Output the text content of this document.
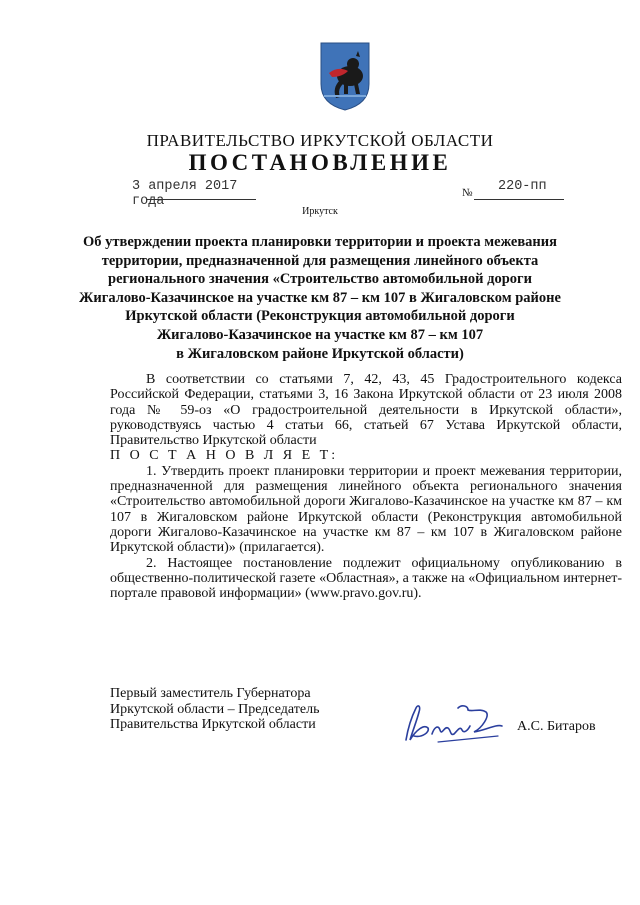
ПРАВИТЕЛЬСТВО ИРКУТСКОЙ ОБЛАСТИ
ПОСТАНОВЛЕНИЕ
3 апреля 2017 года
№ 220-пп
Иркутск
Об утверждении проекта планировки территории и проекта межевания
территории, предназначенной для размещения линейного объекта
регионального значения «Строительство автомобильной дороги
Жигалово-Казачинское на участке км 87 – км 107 в Жигаловском районе
Иркутской области (Реконструкция автомобильной дороги
Жигалово-Казачинское на участке км 87 – км 107
в Жигаловском районе Иркутской области)

В соответствии со статьями 7, 42, 43, 45 Градостроительного кодекса Российской Федерации, статьями 3, 16 Закона Иркутской области от 23 июля 2008 года № 59-оз «О градостроительной деятельности в Иркутской области», руководствуясь частью 4 статьи 66, статьей 67 Устава Иркутской области, Правительство Иркутской области

П О С Т А Н О В Л Я Е Т:

1. Утвердить проект планировки территории и проект межевания территории, предназначенной для размещения линейного объекта регионального значения «Строительство автомобильной дороги Жигалово-Казачинское на участке км 87 – км 107 в Жигаловском районе Иркутской области (Реконструкция автомобильной дороги Жигалово-Казачинское на участке км 87 – км 107 в Жигаловском районе Иркутской области)» (прилагается).

2. Настоящее постановление подлежит официальному опубликованию в общественно-политической газете «Областная», а также на «Официальном интернет-портале правовой информации» (www.pravo.gov.ru).

Первый заместитель Губернатора
Иркутской области – Председатель
Правительства Иркутской области	А.С. Битаров
